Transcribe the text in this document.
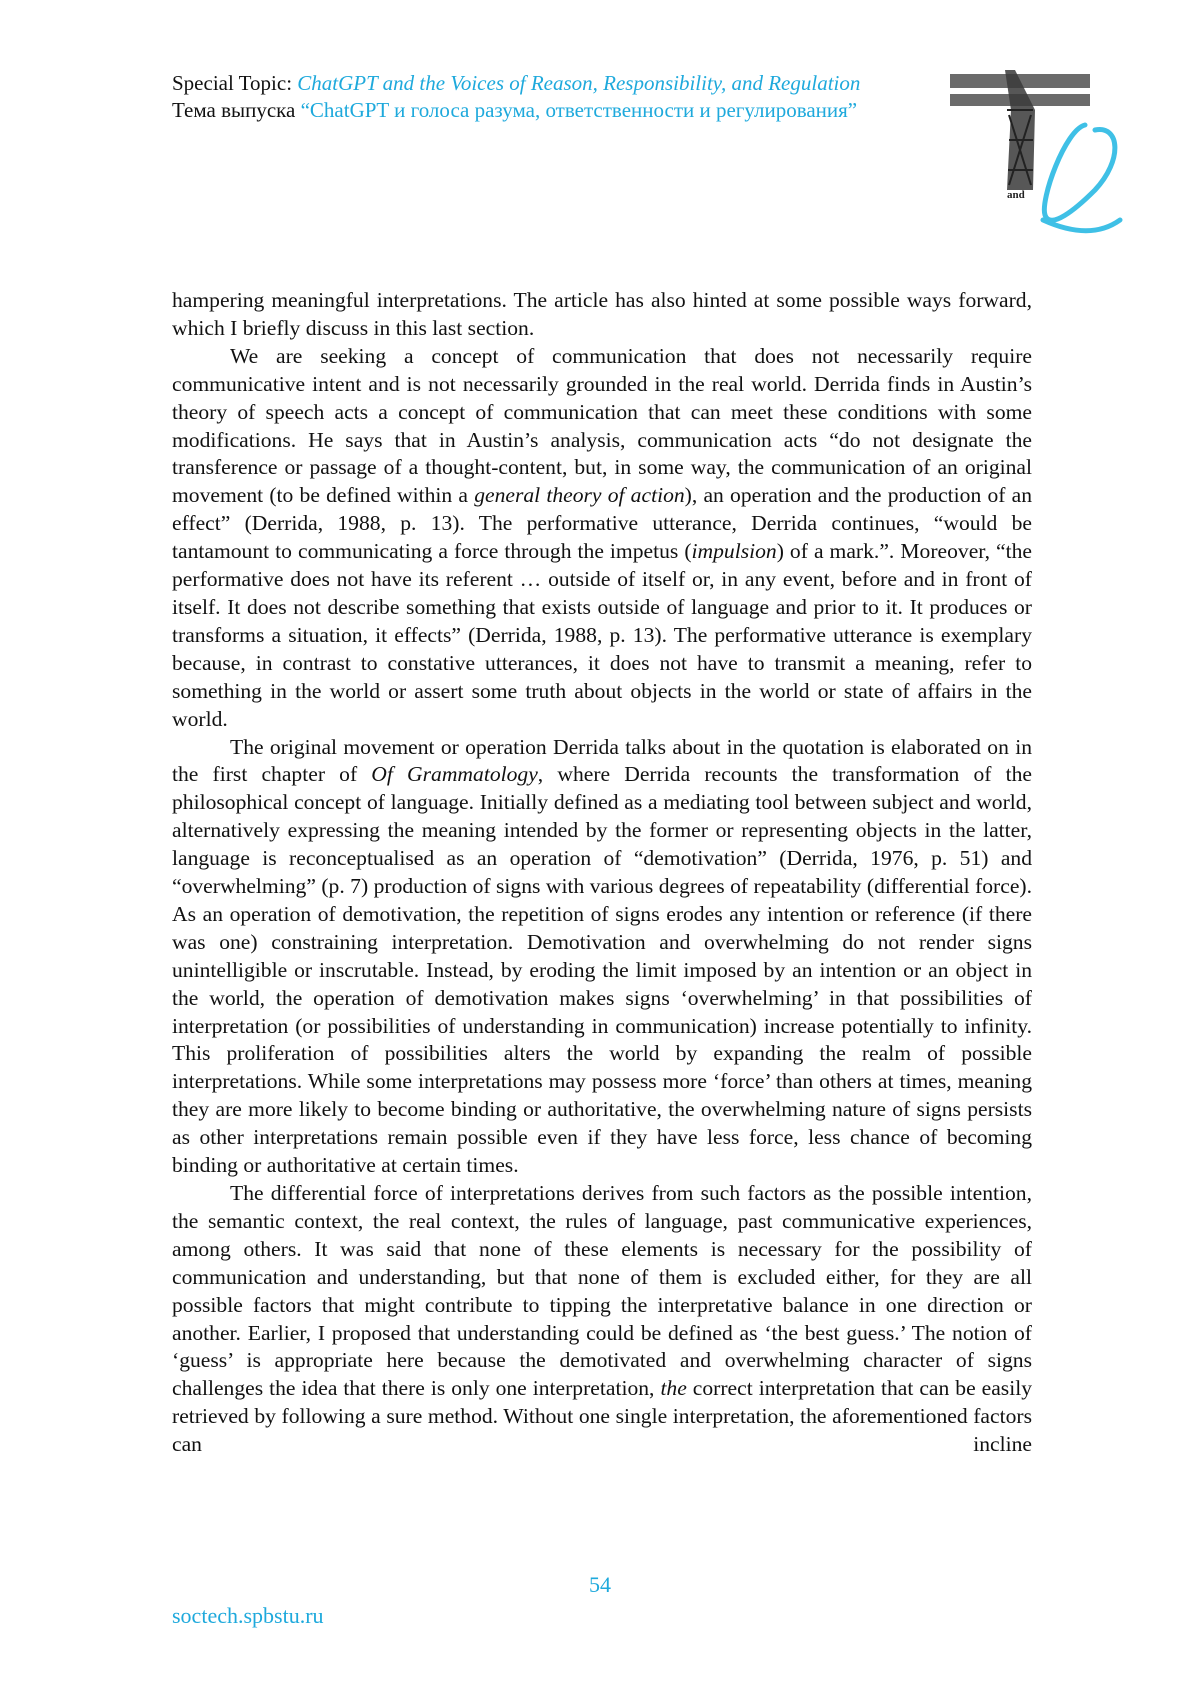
Special Topic: ChatGPT and the Voices of Reason, Responsibility, and Regulation
Тема выпуска “ChatGPT и голоса разума, ответственности и регулирования”
and

hampering meaningful interpretations. The article has also hinted at some possible ways forward, which I briefly discuss in this last section.

We are seeking a concept of communication that does not necessarily require communicative intent and is not necessarily grounded in the real world. Derrida finds in Austin’s theory of speech acts a concept of communication that can meet these conditions with some modifications. He says that in Austin’s analysis, communication acts “do not designate the transference or passage of a thought-content, but, in some way, the communication of an original movement (to be defined within a general theory of action), an operation and the production of an effect” (Derrida, 1988, p. 13). The performative utterance, Derrida continues, “would be tantamount to communicating a force through the impetus (impulsion) of a mark.”. Moreover, “the performative does not have its referent … outside of itself or, in any event, before and in front of itself. It does not describe something that exists outside of language and prior to it. It produces or transforms a situation, it effects” (Derrida, 1988, p. 13). The performative utterance is exemplary because, in contrast to constative utterances, it does not have to transmit a meaning, refer to something in the world or assert some truth about objects in the world or state of affairs in the world.

The original movement or operation Derrida talks about in the quotation is elaborated on in the first chapter of Of Grammatology, where Derrida recounts the transformation of the philosophical concept of language. Initially defined as a mediating tool between subject and world, alternatively expressing the meaning intended by the former or representing objects in the latter, language is reconceptualised as an operation of “demotivation” (Derrida, 1976, p. 51) and “overwhelming” (p. 7) production of signs with various degrees of repeatability (differential force). As an operation of demotivation, the repetition of signs erodes any intention or reference (if there was one) constraining interpretation. Demotivation and overwhelming do not render signs unintelligible or inscrutable. Instead, by eroding the limit imposed by an intention or an object in the world, the operation of demotivation makes signs ‘overwhelming’ in that possibilities of interpretation (or possibilities of understanding in communication) increase potentially to infinity. This proliferation of possibilities alters the world by expanding the realm of possible interpretations. While some interpretations may possess more ‘force’ than others at times, meaning they are more likely to become binding or authoritative, the overwhelming nature of signs persists as other interpretations remain possible even if they have less force, less chance of becoming binding or authoritative at certain times.

The differential force of interpretations derives from such factors as the possible intention, the semantic context, the real context, the rules of language, past communicative experiences, among others. It was said that none of these elements is necessary for the possibility of communication and understanding, but that none of them is excluded either, for they are all possible factors that might contribute to tipping the interpretative balance in one direction or another. Earlier, I proposed that understanding could be defined as ‘the best guess.’ The notion of ‘guess’ is appropriate here because the demotivated and overwhelming character of signs challenges the idea that there is only one interpretation, the correct interpretation that can be easily retrieved by following a sure method. Without one single interpretation, the aforementioned factors can incline

54
soctech.spbstu.ru
